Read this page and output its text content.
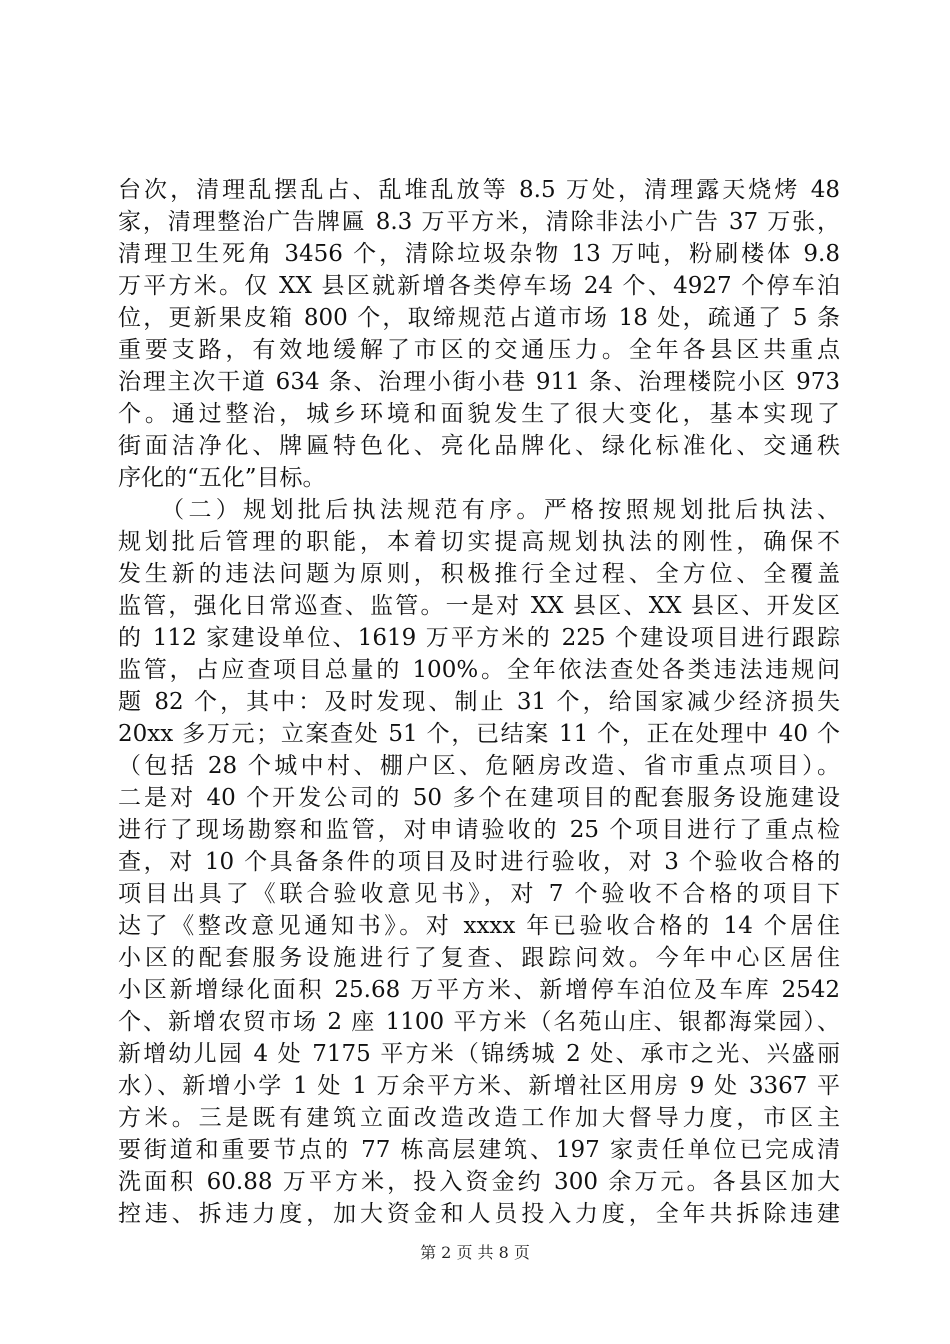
台次，清理乱摆乱占、乱堆乱放等 8.5 万处，清理露天烧烤 48
家，清理整治广告牌匾 8.3 万平方米，清除非法小广告 37 万张，
清理卫生死角 3456 个，清除垃圾杂物 13 万吨，粉刷楼体 9.8
万平方米。仅 XX 县区就新增各类停车场 24 个、4927 个停车泊
位，更新果皮箱 800 个，取缔规范占道市场 18 处，疏通了 5 条
重要支路，有效地缓解了市区的交通压力。全年各县区共重点
治理主次干道 634 条、治理小街小巷 911 条、治理楼院小区 973
个。通过整治，城乡环境和面貌发生了很大变化，基本实现了
街面洁净化、牌匾特色化、亮化品牌化、绿化标准化、交通秩
序化的“五化”目标。
　　（二）规划批后执法规范有序。严格按照规划批后执法、
规划批后管理的职能，本着切实提高规划执法的刚性，确保不
发生新的违法问题为原则，积极推行全过程、全方位、全覆盖
监管，强化日常巡查、监管。一是对 XX 县区、XX 县区、开发区
的 112 家建设单位、1619 万平方米的 225 个建设项目进行跟踪
监管，占应查项目总量的 100%。全年依法查处各类违法违规问
题 82 个，其中：及时发现、制止 31 个，给国家减少经济损失
20xx 多万元；立案查处 51 个，已结案 11 个，正在处理中 40 个
（包括 28 个城中村、棚户区、危陋房改造、省市重点项目）。
二是对 40 个开发公司的 50 多个在建项目的配套服务设施建设
进行了现场勘察和监管，对申请验收的 25 个项目进行了重点检
查，对 10 个具备条件的项目及时进行验收，对 3 个验收合格的
项目出具了《联合验收意见书》，对 7 个验收不合格的项目下
达了《整改意见通知书》。对 xxxx 年已验收合格的 14 个居住
小区的配套服务设施进行了复查、跟踪问效。今年中心区居住
小区新增绿化面积 25.68 万平方米、新增停车泊位及车库 2542
个、新增农贸市场 2 座 1100 平方米（名苑山庄、银都海棠园）、
新增幼儿园 4 处 7175 平方米（锦绣城 2 处、承市之光、兴盛丽
水）、新增小学 1 处 1 万余平方米、新增社区用房 9 处 3367 平
方米。三是既有建筑立面改造改造工作加大督导力度，市区主
要街道和重要节点的 77 栋高层建筑、197 家责任单位已完成清
洗面积 60.88 万平方米，投入资金约 300 余万元。各县区加大
控违、拆违力度，加大资金和人员投入力度，全年共拆除违建
第 2 页 共 8 页
